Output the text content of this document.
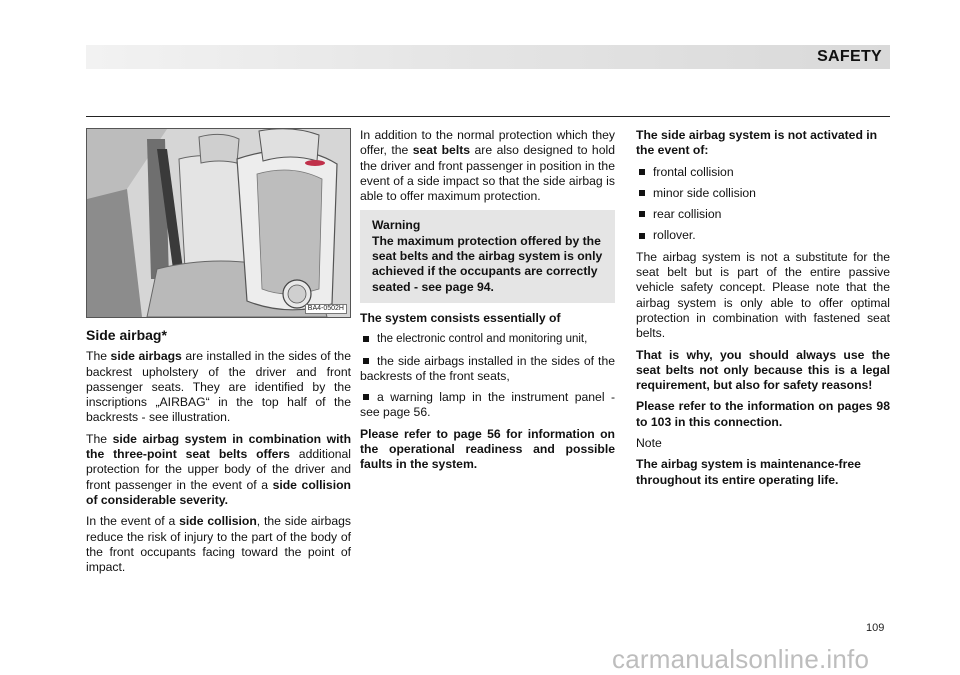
SAFETY
BA4-0502H

Side airbag*

The side airbags are installed in the sides of the backrest upholstery of the driver and front passenger seats. They are identified by the inscriptions „AIRBAG“ in the top half of the backrests - see illustration.

The side airbag system in combination with the three-point seat belts offers additional protection for the upper body of the driver and front passenger in the event of a side collision of considerable severity.

In the event of a side collision, the side airbags reduce the risk of injury to the part of the body of the front occupants facing toward the point of impact.

In addition to the normal protection which they offer, the seat belts are also designed to hold the driver and front passenger in position in the event of a side impact so that the side airbag is able to offer maximum protection.

Warning
The maximum protection offered by the seat belts and the airbag system is only achieved if the occupants are correctly seated - see page 94.

The system consists essentially of

the electronic control and monitoring unit,

the side airbags installed in the sides of the backrests of the front seats,

a warning lamp in the instrument panel - see page 56.

Please refer to page 56 for information on the operational readiness and possible faults in the system.

The side airbag system is not activated in the event of:

frontal collision

minor side collision

rear collision

rollover.

The airbag system is not a substitute for the seat belt but is part of the entire passive vehicle safety concept. Please note that the airbag system is only able to offer optimal protection in combination with fastened seat belts.

That is why, you should always use the seat belts not only because this is a legal requirement, but also for safety reasons!

Please refer to the information on pages 98 to 103 in this connection.

Note

The airbag system is maintenance-free throughout its entire operating life.

109
carmanualsonline.info
